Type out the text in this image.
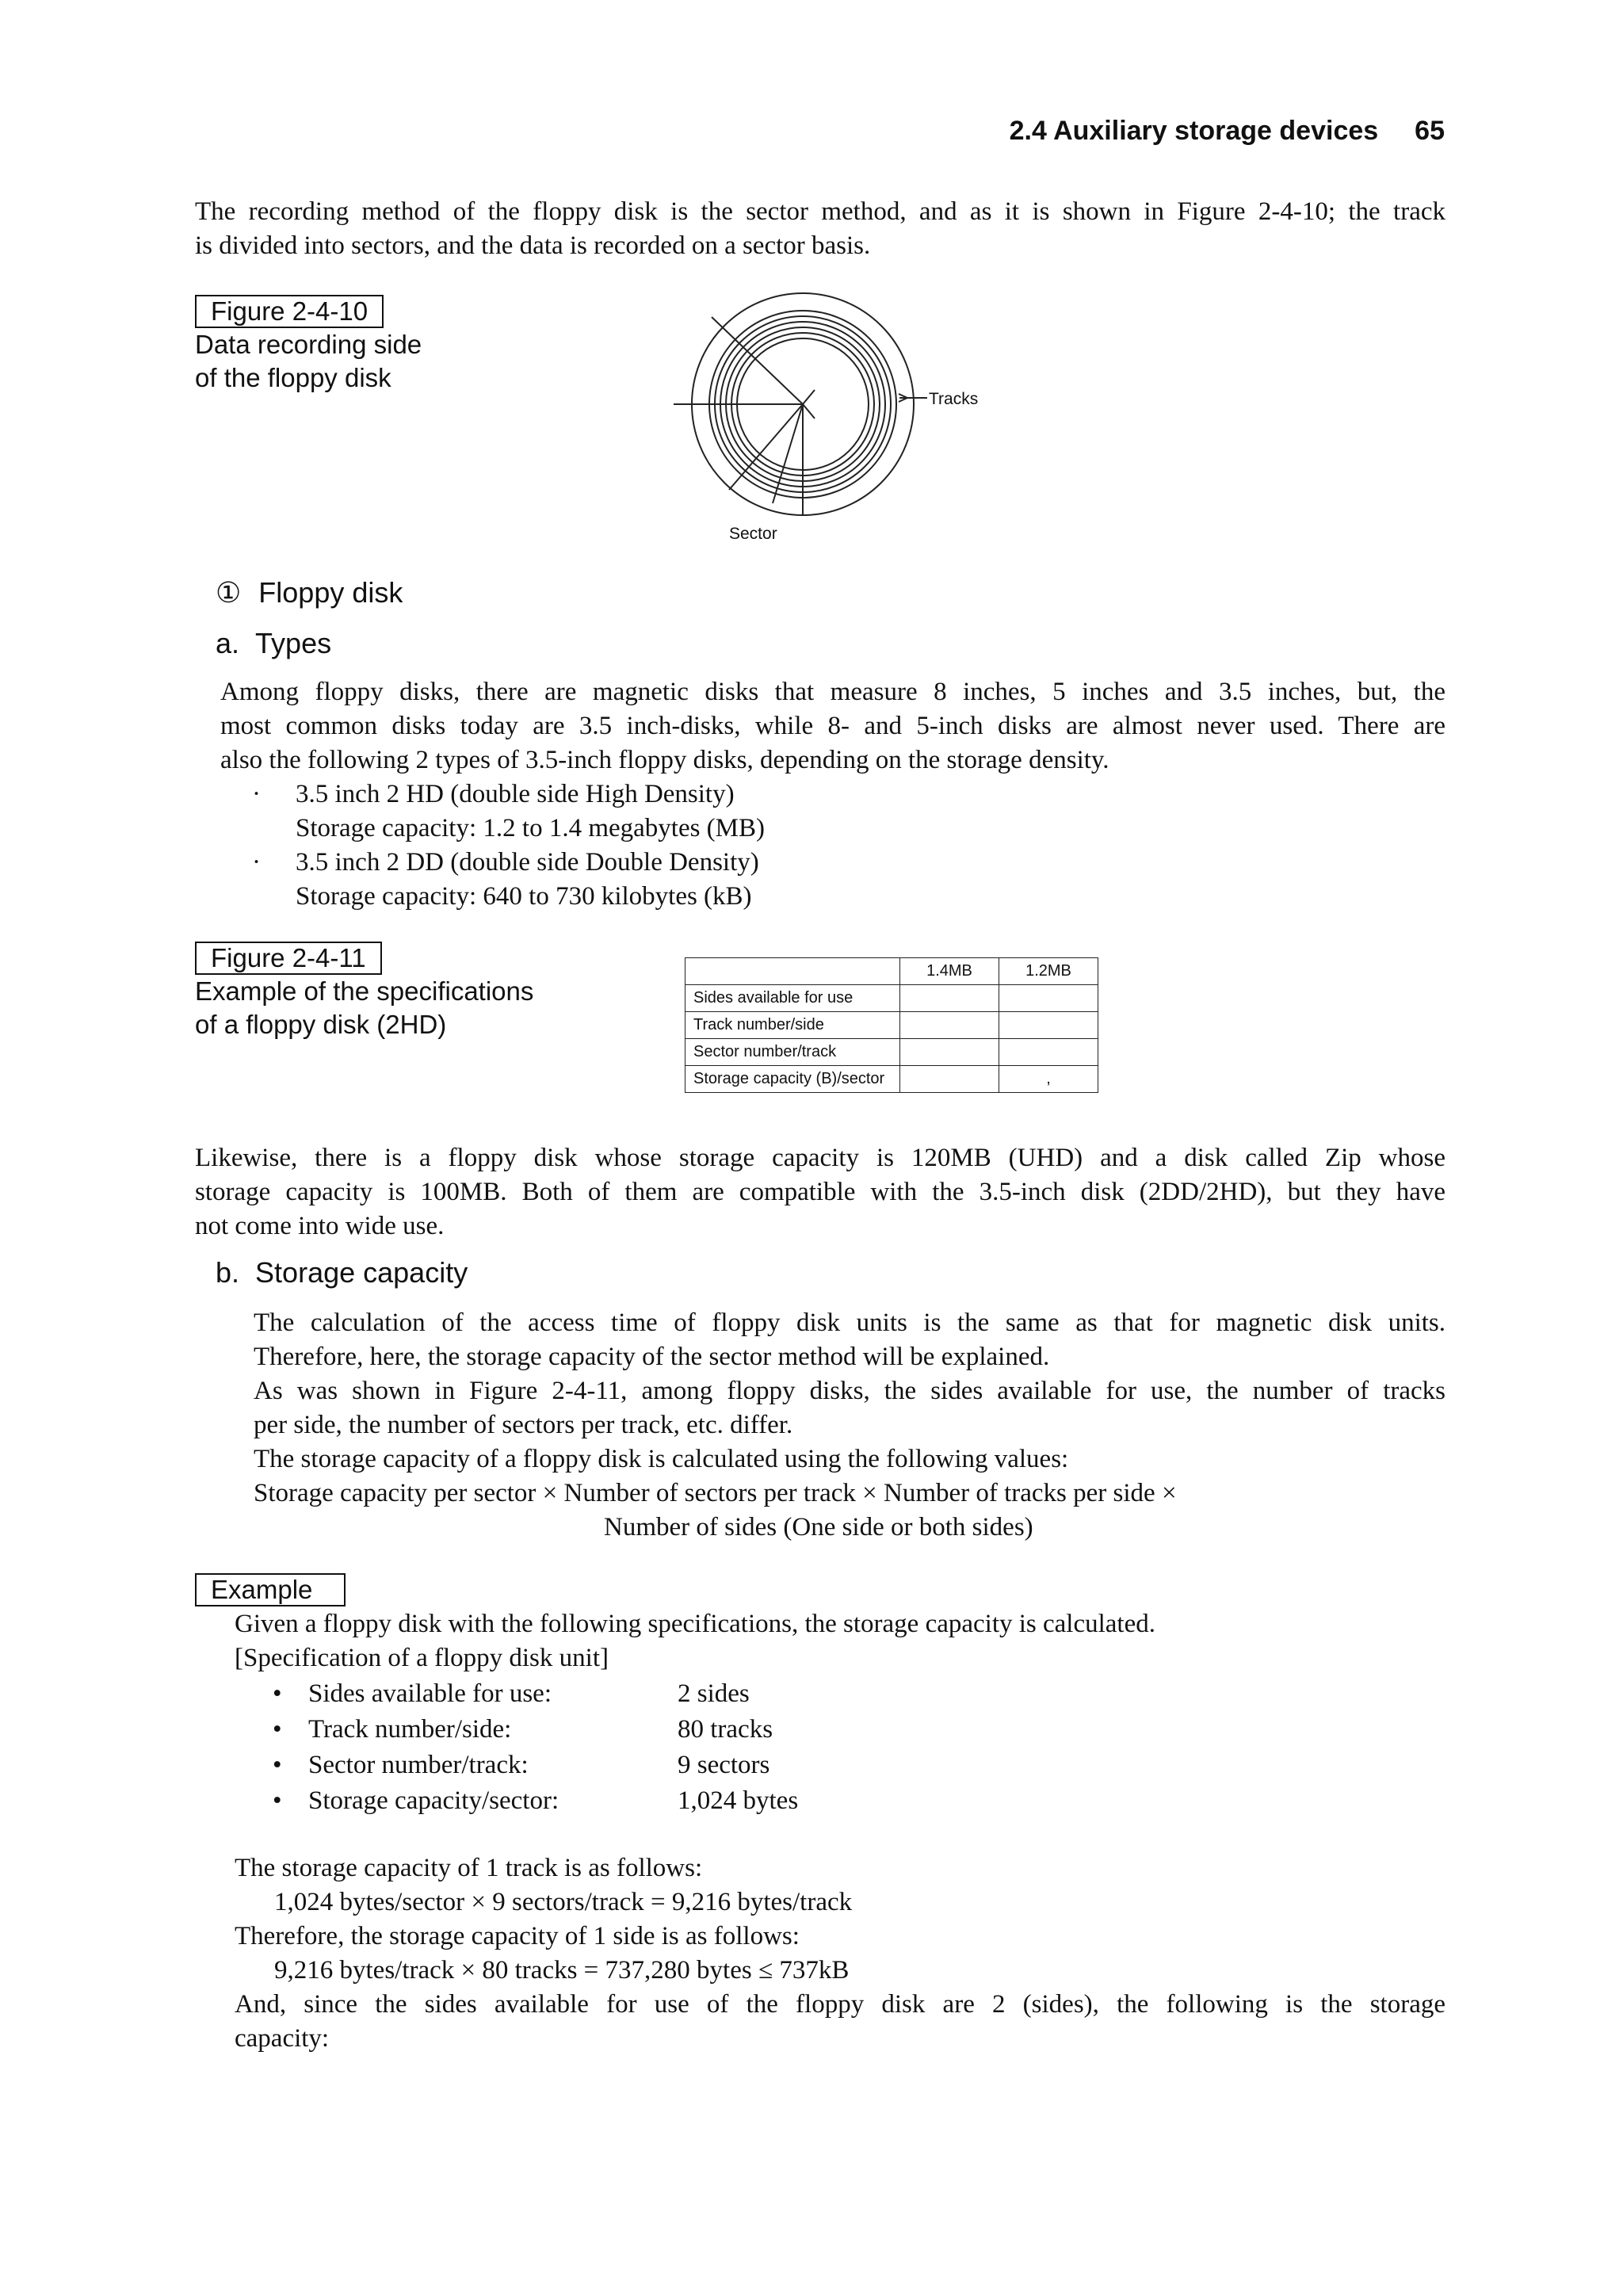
2.4 Auxiliary storage devices 65

The recording method of the floppy disk is the sector method, and as it is shown in Figure 2-4-10; the track

is divided into sectors, and the data is recorded on a sector basis.

Figure 2-4-10
Data recording side
of the floppy disk
Tracks
Sector
① Floppy disk
a. Types

Among floppy disks, there are magnetic disks that measure 8 inches, 5 inches and 3.5 inches, but, the

most common disks today are 3.5 inch-disks, while 8- and 5-inch disks are almost never used. There are

also the following 2 types of 3.5-inch floppy disks, depending on the storage density.

· 3.5 inch 2 HD (double side High Density)
Storage capacity: 1.2 to 1.4 megabytes (MB)
· 3.5 inch 2 DD (double side Double Density)
Storage capacity: 640 to 730 kilobytes (kB)
Figure 2-4-11
Example of the specifications
of a floppy disk (2HD)
	1.4MB	1.2MB
Sides available for use		
Track number/side		
Sector number/track		
Storage capacity (B)/sector		,

Likewise, there is a floppy disk whose storage capacity is 120MB (UHD) and a disk called Zip whose

storage capacity is 100MB. Both of them are compatible with the 3.5-inch disk (2DD/2HD), but they have

not come into wide use.

b. Storage capacity

The calculation of the access time of floppy disk units is the same as that for magnetic disk units.

Therefore, here, the storage capacity of the sector method will be explained.

As was shown in Figure 2-4-11, among floppy disks, the sides available for use, the number of tracks

per side, the number of sectors per track, etc. differ.

The storage capacity of a floppy disk is calculated using the following values:

Storage capacity per sector × Number of sectors per track × Number of tracks per side ×

Number of sides (One side or both sides)

Example
Given a floppy disk with the following specifications, the storage capacity is calculated.
[Specification of a floppy disk unit]
• Sides available for use:	2 sides
• Track number/side:	80 tracks
• Sector number/track:	9 sectors
• Storage capacity/sector:	1,024 bytes
The storage capacity of 1 track is as follows:
1,024 bytes/sector × 9 sectors/track = 9,216 bytes/track
Therefore, the storage capacity of 1 side is as follows:
9,216 bytes/track × 80 tracks = 737,280 bytes ≤ 737kB

And, since the sides available for use of the floppy disk are 2 (sides), the following is the storage

capacity:
